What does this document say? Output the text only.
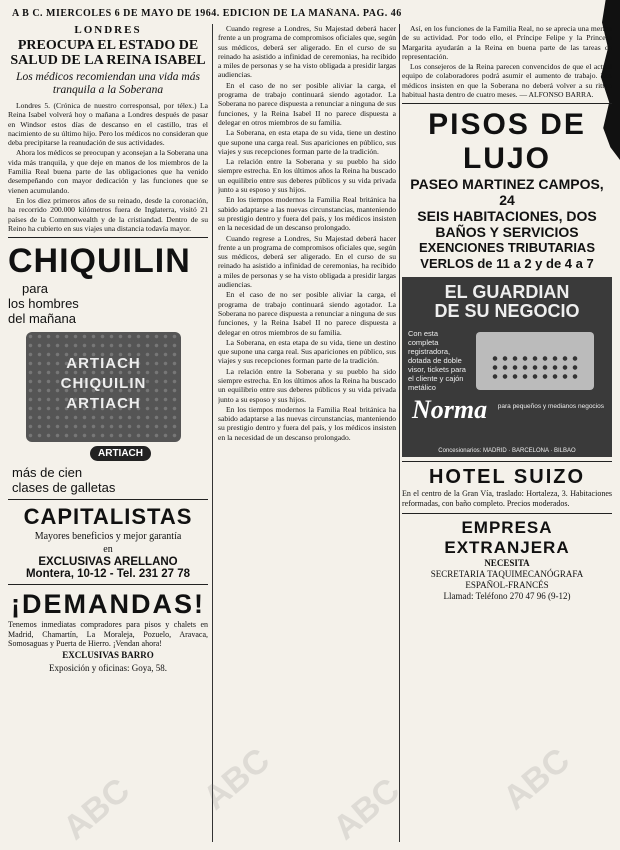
A B C. MIERCOLES 6 DE MAYO DE 1964. EDICION DE LA MAÑANA. PAG. 46
LONDRES
PREOCUPA EL ESTADO DE SALUD DE LA REINA ISABEL
Los médicos recomiendan una vida más tranquila a la Soberana

Londres 5. (Crónica de nuestro corresponsal, por télex.) La Reina Isabel volverá hoy o mañana a Londres después de pasar en Windsor estos días de descanso en el castillo, tras el nacimiento de su último hijo. Pero los médicos no consideran que deba precipitarse la reanudación de sus actividades.

Ahora los médicos se preocupan y aconsejan a la Soberana una vida más tranquila, y que deje en manos de los miembros de la Familia Real buena parte de las obligaciones que ha venido desempeñando con mayor dedicación y las funciones que se vienen acumulando.

En los diez primeros años de su reinado, desde la coronación, ha recorrido 200.000 kilómetros fuera de Inglaterra, visitó 21 países de la Commonwealth y de la cristiandad. Dentro de su Reino ha cubierto en sus viajes una distancia todavía mayor.

CHIQUILIN
para
los hombres
del mañana
ARTIACH
CHIQUILIN
ARTIACH
ARTIACH
más de cien
clases de galletas
CAPITALISTAS
Mayores beneficios y mejor garantía
en
EXCLUSIVAS ARELLANO
Montera, 10-12 - Tel. 231 27 78
¡DEMANDAS!
Tenemos inmediatas compradores para pisos y chalets en Madrid, Chamartín, La Moraleja, Pozuelo, Aravaca, Somosaguas y Puerta de Hierro. ¡Vendan ahora!
EXCLUSIVAS BARRO
Exposición y oficinas: Goya, 58.

Cuando regrese a Londres, Su Majestad deberá hacer frente a un programa de compromisos oficiales que, según sus médicos, deberá ser aligerado. En el curso de su reinado ha asistido a infinidad de ceremonias, ha recibido a miles de personas y se ha visto obligada a presidir largas audiencias.

En el caso de no ser posible aliviar la carga, el programa de trabajo continuará siendo agotador. La Soberana no parece dispuesta a renunciar a ninguna de sus funciones, y la Reina Isabel II no parece dispuesta a delegar en otros miembros de su familia.

La Soberana, en esta etapa de su vida, tiene un destino que supone una carga real. Sus apariciones en público, sus viajes y sus recepciones forman parte de la tradición.

La relación entre la Soberana y su pueblo ha sido siempre estrecha. En los últimos años la Reina ha buscado un equilibrio entre sus deberes públicos y su vida privada junto a su esposo y sus hijos.

En los tiempos modernos la Familia Real británica ha sabido adaptarse a las nuevas circunstancias, manteniendo su prestigio dentro y fuera del país, y los médicos insisten en la necesidad de un descanso prolongado.

Cuando regrese a Londres, Su Majestad deberá hacer frente a un programa de compromisos oficiales que, según sus médicos, deberá ser aligerado. En el curso de su reinado ha asistido a infinidad de ceremonias, ha recibido a miles de personas y se ha visto obligada a presidir largas audiencias.

En el caso de no ser posible aliviar la carga, el programa de trabajo continuará siendo agotador. La Soberana no parece dispuesta a renunciar a ninguna de sus funciones, y la Reina Isabel II no parece dispuesta a delegar en otros miembros de su familia.

La Soberana, en esta etapa de su vida, tiene un destino que supone una carga real. Sus apariciones en público, sus viajes y sus recepciones forman parte de la tradición.

La relación entre la Soberana y su pueblo ha sido siempre estrecha. En los últimos años la Reina ha buscado un equilibrio entre sus deberes públicos y su vida privada junto a su esposo y sus hijos.

En los tiempos modernos la Familia Real británica ha sabido adaptarse a las nuevas circunstancias, manteniendo su prestigio dentro y fuera del país, y los médicos insisten en la necesidad de un descanso prolongado.

Así, en los funciones de la Familia Real, no se aprecia una merma de su actividad. Por todo ello, el Príncipe Felipe y la Princesa Margarita ayudarán a la Reina en buena parte de las tareas de representación.

Los consejeros de la Reina parecen convencidos de que el actual equipo de colaboradores podrá asumir el aumento de trabajo. Los médicos insisten en que la Soberana no deberá volver a su ritmo habitual hasta dentro de cuatro meses. — ALFONSO BARRA.

PISOS DE LUJO
PASEO MARTINEZ CAMPOS, 24
SEIS HABITACIONES, DOS BAÑOS Y SERVICIOS
EXENCIONES TRIBUTARIAS
VERLOS de 11 a 2 y de 4 a 7
EL GUARDIAN
DE SU NEGOCIO
Con esta completa registradora, dotada de doble visor, tickets para el cliente y cajón metálico
Norma para pequeños y medianos negocios
Concesionarios: MADRID · BARCELONA · BILBAO
HOTEL SUIZO
En el centro de la Gran Vía, traslado: Hortaleza, 3. Habitaciones reformadas, con baño completo. Precios moderados.
EMPRESA EXTRANJERA
NECESITA
SECRETARIA TAQUIMECANÓGRAFA
ESPAÑOL-FRANCÉS
Llamad: Teléfono 270 47 96 (9-12)
ABC ABC	ABC
ABC
